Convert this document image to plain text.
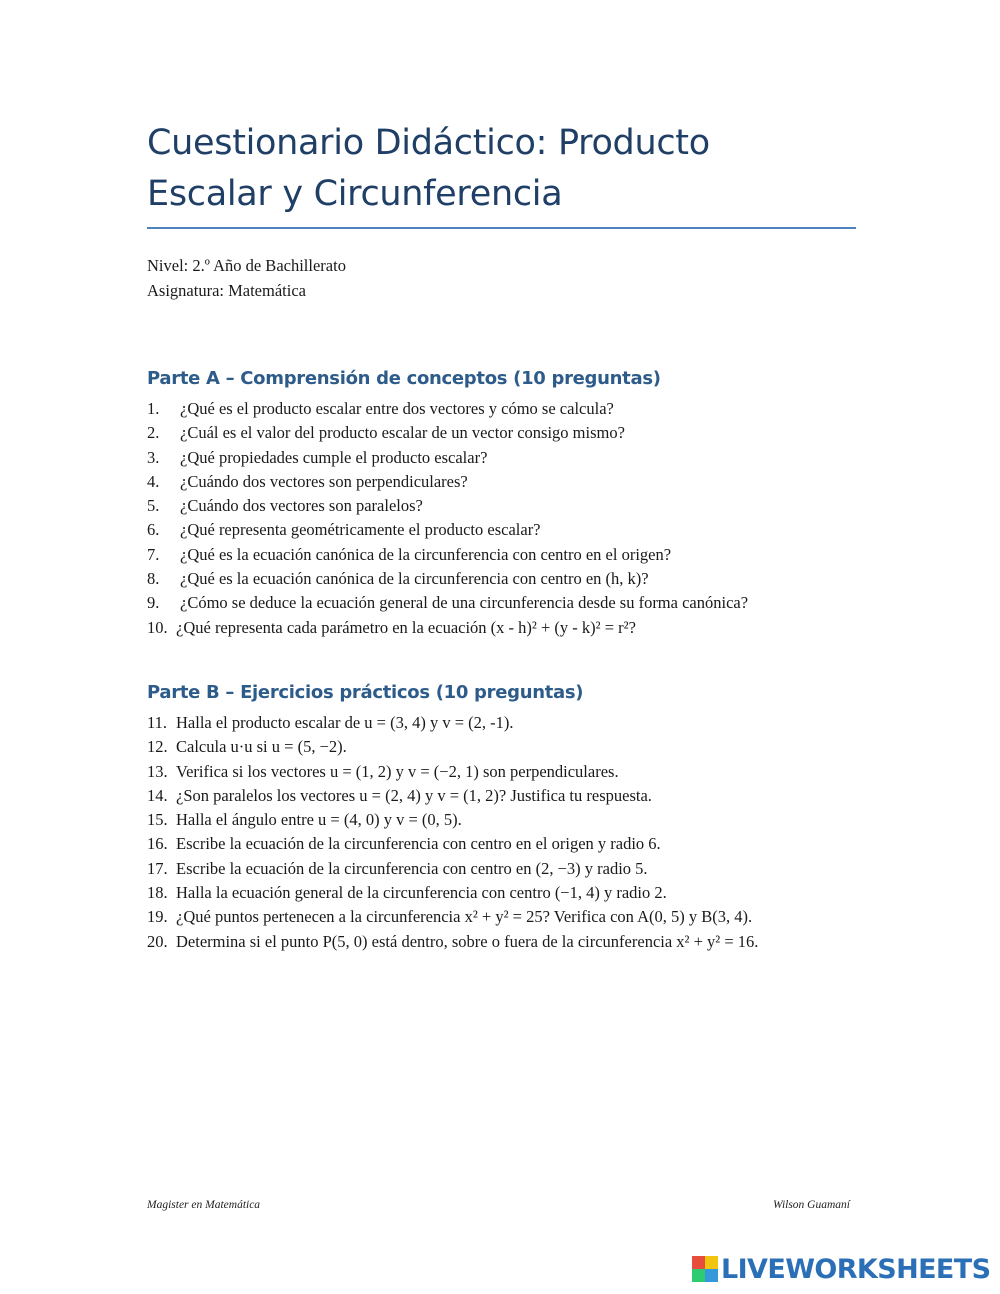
Cuestionario Didáctico: Producto
Escalar y Circunferencia
Nivel: 2.º Año de Bachillerato
Asignatura: Matemática
Parte A – Comprensión de conceptos (10 preguntas)
1. ¿Qué es el producto escalar entre dos vectores y cómo se calcula?
2. ¿Cuál es el valor del producto escalar de un vector consigo mismo?
3. ¿Qué propiedades cumple el producto escalar?
4. ¿Cuándo dos vectores son perpendiculares?
5. ¿Cuándo dos vectores son paralelos?
6. ¿Qué representa geométricamente el producto escalar?
7. ¿Qué es la ecuación canónica de la circunferencia con centro en el origen?
8. ¿Qué es la ecuación canónica de la circunferencia con centro en (h, k)?
9. ¿Cómo se deduce la ecuación general de una circunferencia desde su forma canónica?
10. ¿Qué representa cada parámetro en la ecuación (x - h)² + (y - k)² = r²?
Parte B – Ejercicios prácticos (10 preguntas)
11. Halla el producto escalar de u = (3, 4) y v = (2, -1).
12. Calcula u·u si u = (5, −2).
13. Verifica si los vectores u = (1, 2) y v = (−2, 1) son perpendiculares.
14. ¿Son paralelos los vectores u = (2, 4) y v = (1, 2)? Justifica tu respuesta.
15. Halla el ángulo entre u = (4, 0) y v = (0, 5).
16. Escribe la ecuación de la circunferencia con centro en el origen y radio 6.
17. Escribe la ecuación de la circunferencia con centro en (2, −3) y radio 5.
18. Halla la ecuación general de la circunferencia con centro (−1, 4) y radio 2.
19. ¿Qué puntos pertenecen a la circunferencia x² + y² = 25? Verifica con A(0, 5) y B(3, 4).
20. Determina si el punto P(5, 0) está dentro, sobre o fuera de la circunferencia x² + y² = 16.
Magister en Matemática	Wilson Guamaní
LIVEWORKSHEETS
